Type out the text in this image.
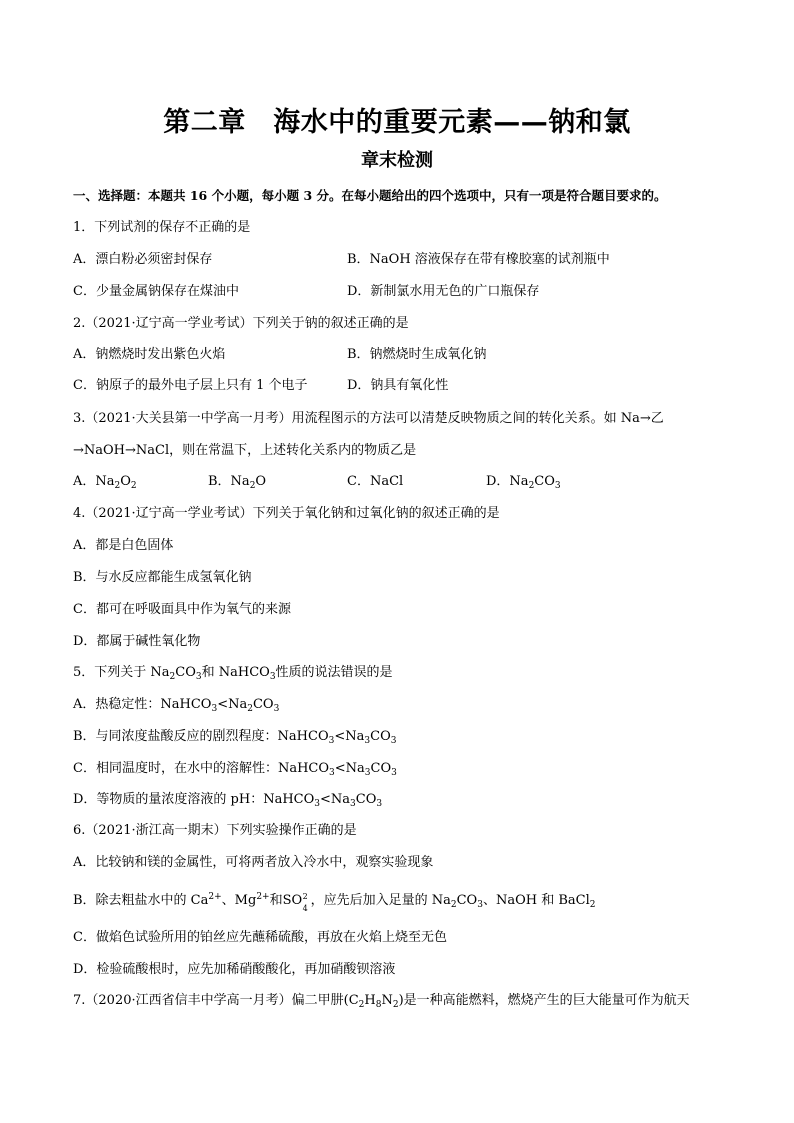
第二章　海水中的重要元素——钠和氯
章末检测
一、选择题：本题共 16 个小题，每小题 3 分。在每小题给出的四个选项中，只有一项是符合题目要求的。
1．下列试剂的保存不正确的是
A．漂白粉必须密封保存	B．NaOH 溶液保存在带有橡胶塞的试剂瓶中
C．少量金属钠保存在煤油中	D．新制氯水用无色的广口瓶保存
2.（2021·辽宁高一学业考试）下列关于钠的叙述正确的是
A．钠燃烧时发出紫色火焰	B．钠燃烧时生成氧化钠
C．钠原子的最外电子层上只有 1 个电子	D．钠具有氧化性
3.（2021·大关县第一中学高一月考）用流程图示的方法可以清楚反映物质之间的转化关系。如 Na→乙
→NaOH→NaCl，则在常温下，上述转化关系内的物质乙是
A．$Na_2O_2$	B．$Na_2O$	C．NaCl	D．$Na_2CO_3$
4.（2021·辽宁高一学业考试）下列关于氧化钠和过氧化钠的叙述正确的是
A．都是白色固体
B．与水反应都能生成氢氧化钠
C．都可在呼吸面具中作为氧气的来源
D．都属于碱性氧化物
5．下列关于 $Na_2CO_3$和 NaHCO$_3$性质的说法错误的是
A．热稳定性：$NaHCO_3<Na_2CO_3$
B．与同浓度盐酸反应的剧烈程度：$NaHCO_3<Na_3CO_3$
C．相同温度时，在水中的溶解性：$NaHCO_3<Na_3CO_3$
D．等物质的量浓度溶液的 pH：$NaHCO_3<Na_3CO_3$
6.（2021·浙江高一期末）下列实验操作正确的是
A．比较钠和镁的金属性，可将两者放入冷水中，观察实验现象
B．除去粗盐水中的 $Ca^{2+}$、$Mg^{2+}$和 SO 2
4
，应先后加入足量的 $Na_2CO_3$、NaOH 和 BaCl$_2$
C．做焰色试验所用的铂丝应先蘸稀硫酸，再放在火焰上烧至无色
D．检验硫酸根时，应先加稀硝酸酸化，再加硝酸钡溶液
7.（2020·江西省信丰中学高一月考）偏二甲肼$(C_2H_8N_2)$是一种高能燃料，燃烧产生的巨大能量可作为航天
